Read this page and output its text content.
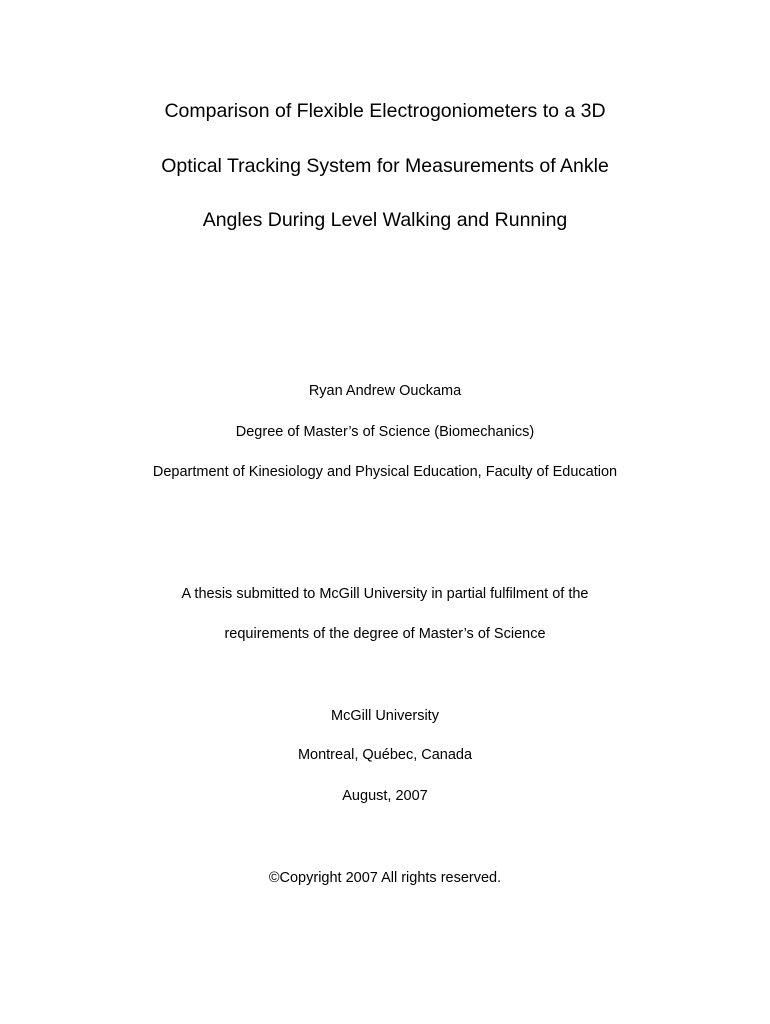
Comparison of Flexible Electrogoniometers to a 3D
Optical Tracking System for Measurements of Ankle
Angles During Level Walking and Running
Ryan Andrew Ouckama
Degree of Master’s of Science (Biomechanics)
Department of Kinesiology and Physical Education, Faculty of Education
A thesis submitted to McGill University in partial fulfilment of the
requirements of the degree of Master’s of Science
McGill University
Montreal, Québec, Canada
August, 2007
©Copyright 2007 All rights reserved.
